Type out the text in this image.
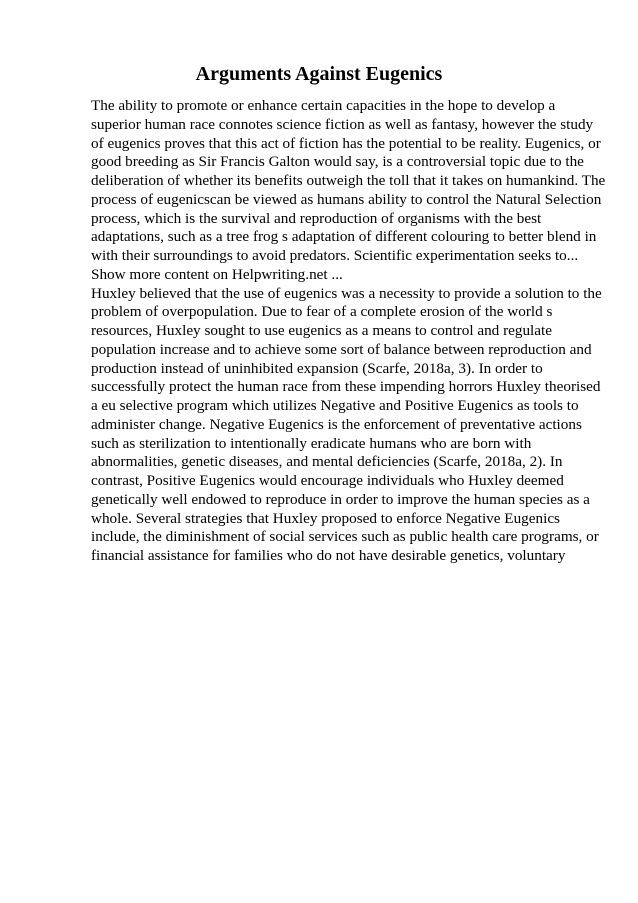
Arguments Against Eugenics

The ability to promote or enhance certain capacities in the hope to develop a

superior human race connotes science fiction as well as fantasy, however the study

of eugenics proves that this act of fiction has the potential to be reality. Eugenics, or

good breeding as Sir Francis Galton would say, is a controversial topic due to the

deliberation of whether its benefits outweigh the toll that it takes on humankind. The

process of eugenicscan be viewed as humans ability to control the Natural Selection

process, which is the survival and reproduction of organisms with the best

adaptations, such as a tree frog s adaptation of different colouring to better blend in

with their surroundings to avoid predators. Scientific experimentation seeks to...

Show more content on Helpwriting.net ...

Huxley believed that the use of eugenics was a necessity to provide a solution to the

problem of overpopulation. Due to fear of a complete erosion of the world s

resources, Huxley sought to use eugenics as a means to control and regulate

population increase and to achieve some sort of balance between reproduction and

production instead of uninhibited expansion (Scarfe, 2018a, 3). In order to

successfully protect the human race from these impending horrors Huxley theorised

a eu selective program which utilizes Negative and Positive Eugenics as tools to

administer change. Negative Eugenics is the enforcement of preventative actions

such as sterilization to intentionally eradicate humans who are born with

abnormalities, genetic diseases, and mental deficiencies (Scarfe, 2018a, 2). In

contrast, Positive Eugenics would encourage individuals who Huxley deemed

genetically well endowed to reproduce in order to improve the human species as a

whole. Several strategies that Huxley proposed to enforce Negative Eugenics

include, the diminishment of social services such as public health care programs, or

financial assistance for families who do not have desirable genetics, voluntary
